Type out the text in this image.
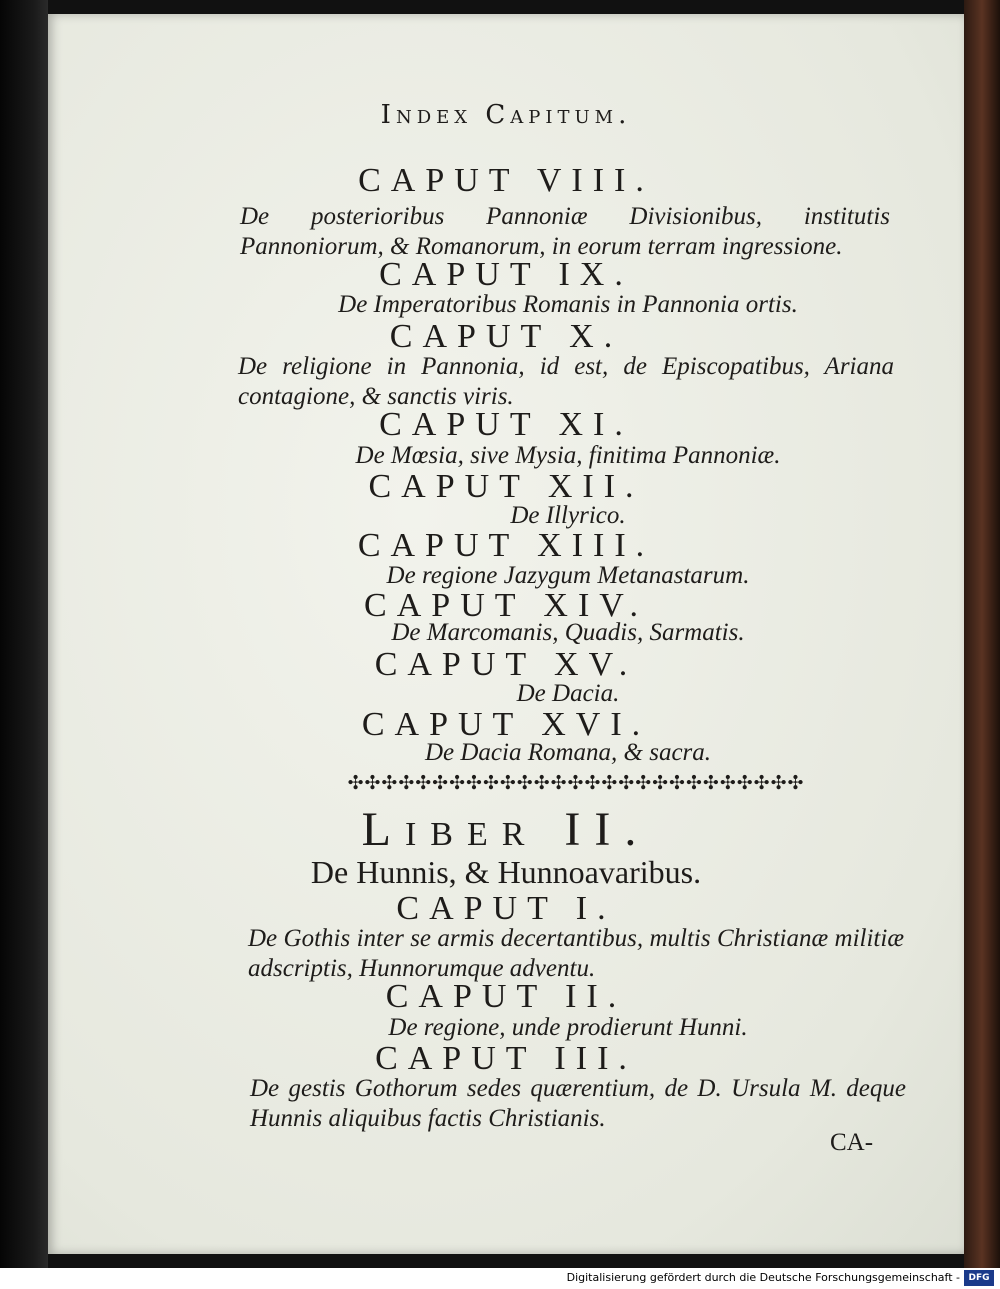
Index Capitum.
CAPUT VIII.
De posterioribus Pannoniæ Divisionibus, institutis Pannoniorum, & Romanorum, in eorum terram ingressione.
CAPUT IX.
De Imperatoribus Romanis in Pannonia ortis.
CAPUT X.
De religione in Pannonia, id est, de Episcopatibus, Ariana contagione, & sanctis viris.
CAPUT XI.
De Mœsia, sive Mysia, finitima Pannoniæ.
CAPUT XII.
De Illyrico.
CAPUT XIII.
De regione Jazygum Metanastarum.
CAPUT XIV.
De Marcomanis, Quadis, Sarmatis.
CAPUT XV.
De Dacia.
CAPUT XVI.
De Dacia Romana, & sacra.
✣✣✣✣✣✣✣✣✣✣✣✣✣✣✣✣✣✣✣✣✣✣✣✣✣✣✣
Liber II.
De Hunnis, & Hunnoavaribus.
CAPUT I.
De Gothis inter se armis decertantibus, multis Christianæ militiæ adscriptis, Hunnorumque adventu.
CAPUT II.
De regione, unde prodierunt Hunni.
CAPUT III.
De gestis Gothorum sedes quærentium, de D. Ursula M. deque Hunnis aliquibus factis Christianis.
CA-
Digitalisierung gefördert durch die Deutsche Forschungsgemeinschaft - DFG
